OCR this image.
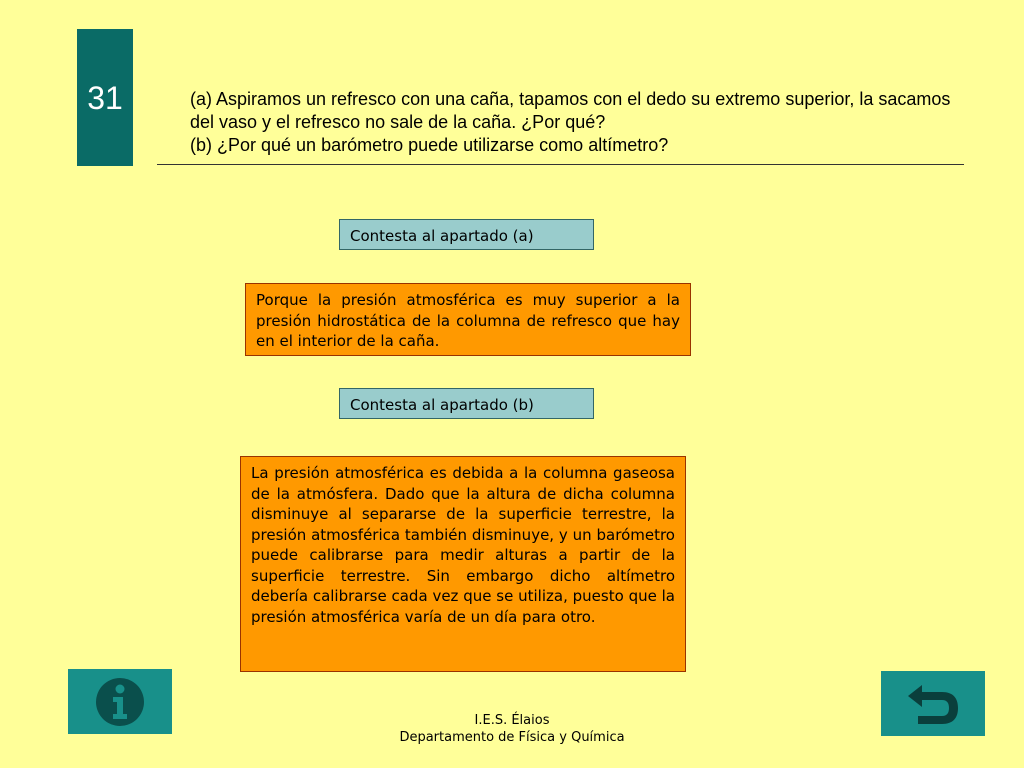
31	(a) Aspiramos un refresco con una caña, tapamos con el dedo su extremo superior, la sacamos del vaso y el refresco no sale de la caña. ¿Por qué?

(b) ¿Por qué un barómetro puede utilizarse como altímetro?

Contesta al apartado (a)
Porque la presión atmosférica es muy superior a la presión hidrostática de la columna de refresco que hay en el interior de la caña.
Contesta al apartado (b)
La presión atmosférica es debida a la columna gaseosa de la atmósfera. Dado que la altura de dicha columna disminuye al separarse de la superficie terrestre, la presión atmosférica también disminuye, y un barómetro puede calibrarse para medir alturas a partir de la superficie terrestre. Sin embargo dicho altímetro debería calibrarse cada vez que se utiliza, puesto que la presión atmosférica varía de un día para otro.
I.E.S. Élaios
Departamento de Física y Química
